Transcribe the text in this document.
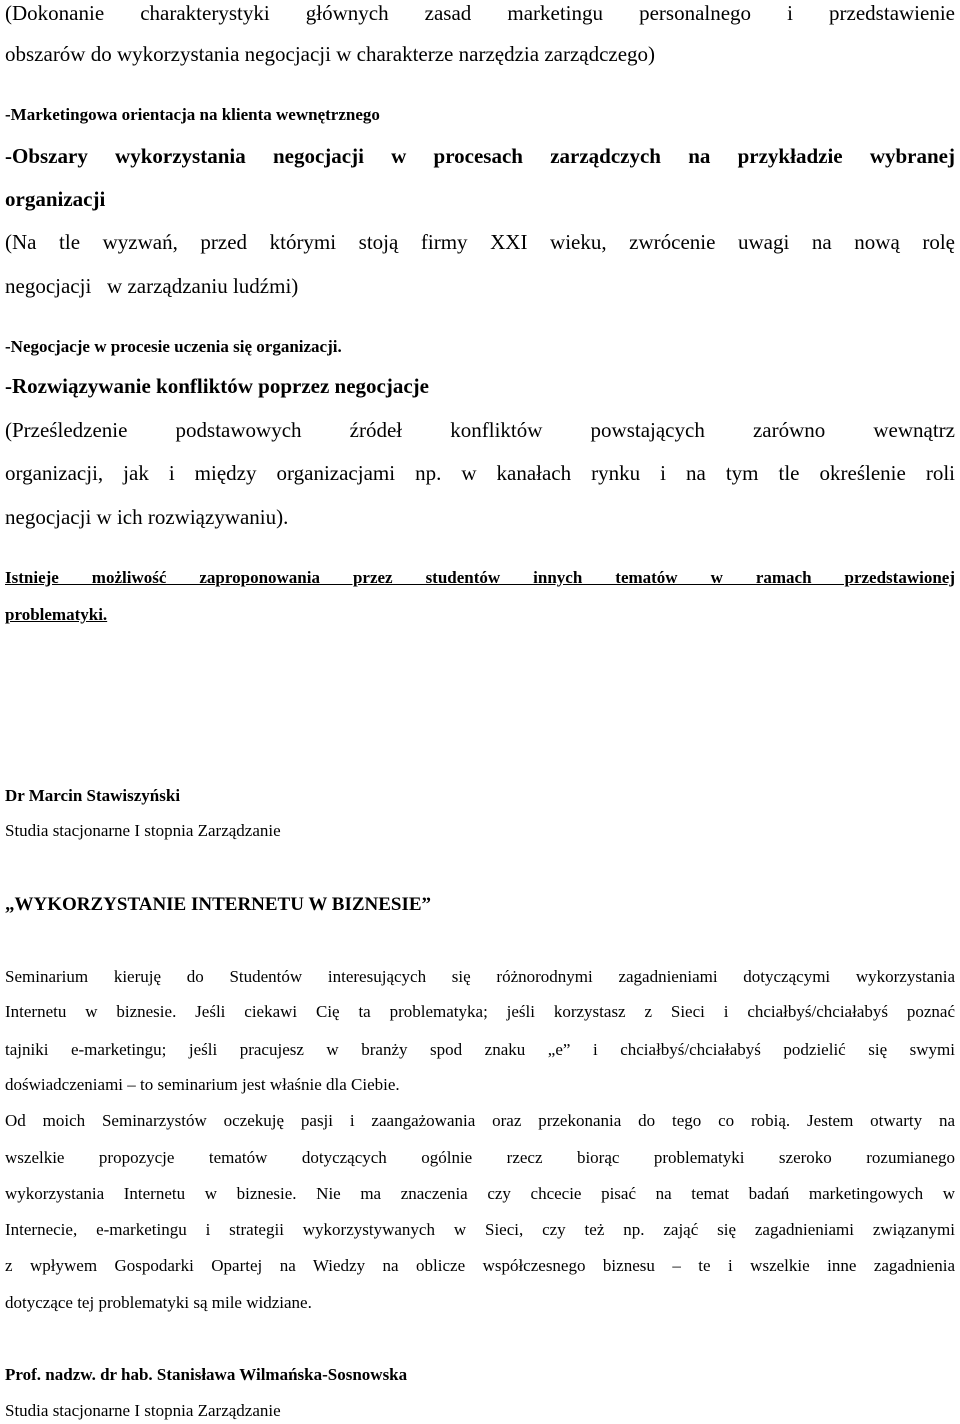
(Dokonanie charakterystyki głównych zasad marketingu personalnego i przedstawienie

obszarów do wykorzystania negocjacji w charakterze narzędzia zarządczego)

-Marketingowa orientacja na klienta wewnętrznego

-Obszary wykorzystania negocjacji w procesach zarządczych na przykładzie wybranej

organizacji

(Na tle wyzwań, przed którymi stoją firmy XXI wieku, zwrócenie uwagi na nową rolę

negocjacji   w zarządzaniu ludźmi)

-Negocjacje w procesie uczenia się organizacji.

-Rozwiązywanie konfliktów poprzez negocjacje

(Prześledzenie podstawowych źródeł konfliktów powstających zarówno wewnątrz

organizacji, jak i między organizacjami np. w kanałach rynku i na tym tle określenie roli

negocjacji w ich rozwiązywaniu).

Istnieje możliwość zaproponowania przez studentów innych tematów w ramach przedstawionej

problematyki.

Dr Marcin Stawiszyński

Studia stacjonarne I stopnia Zarządzanie

„WYKORZYSTANIE INTERNETU W BIZNESIE”

Seminarium kieruję do Studentów interesujących się różnorodnymi zagadnieniami dotyczącymi wykorzystania

Internetu w biznesie. Jeśli ciekawi Cię ta problematyka; jeśli korzystasz z Sieci i chciałbyś/chciałabyś poznać

tajniki e-marketingu; jeśli pracujesz w branży spod znaku „e” i chciałbyś/chciałabyś podzielić się swymi

doświadczeniami – to seminarium jest właśnie dla Ciebie.

Od moich Seminarzystów oczekuję pasji i zaangażowania oraz przekonania do tego co robią. Jestem otwarty na

wszelkie propozycje tematów dotyczących ogólnie rzecz biorąc problematyki szeroko rozumianego

wykorzystania Internetu w biznesie. Nie ma znaczenia czy chcecie pisać na temat badań marketingowych w

Internecie, e-marketingu i strategii wykorzystywanych w Sieci, czy też np. zająć się zagadnieniami związanymi

z wpływem Gospodarki Opartej na Wiedzy na oblicze współczesnego biznesu – te i wszelkie inne zagadnienia

dotyczące tej problematyki są mile widziane.

Prof. nadzw. dr hab. Stanisława Wilmańska-Sosnowska

Studia stacjonarne I stopnia Zarządzanie
